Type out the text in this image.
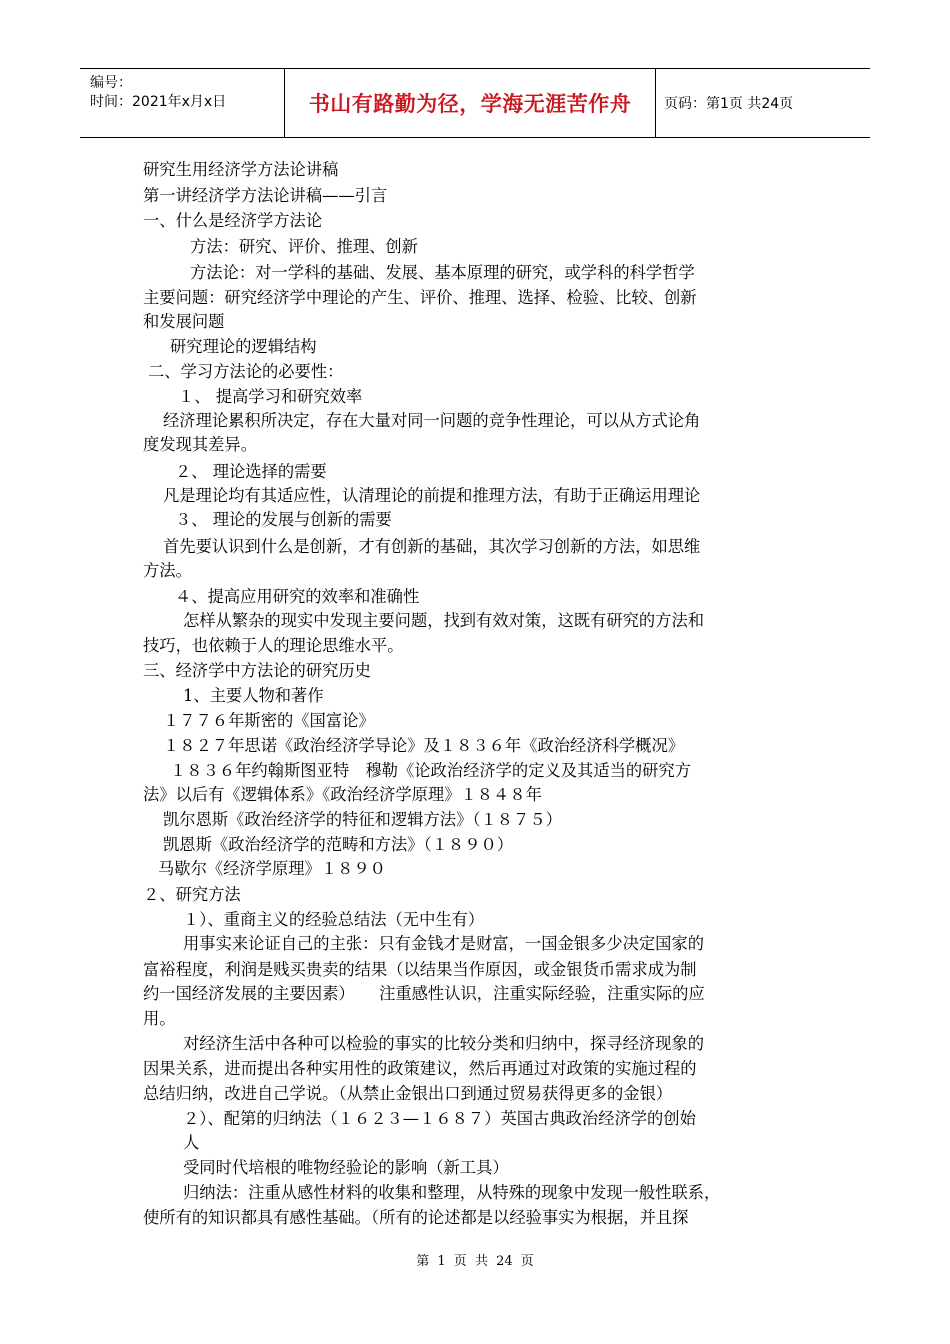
编号：
时间：2021年x月x日	书山有路勤为径，学海无涯苦作舟	页码：第1页 共24页
研究生用经济学方法论讲稿
第一讲经济学方法论讲稿——引言
一、什么是经济学方法论
方法：研究、评价、推理、创新
方法论：对一学科的基础、发展、基本原理的研究，或学科的科学哲学
主要问题：研究经济学中理论的产生、评价、推理、选择、检验、比较、创新
和发展问题
研究理论的逻辑结构
二、学习方法论的必要性：
１、 提高学习和研究效率
经济理论累积所决定，存在大量对同一问题的竞争性理论，可以从方式论角
度发现其差异。
２、 理论选择的需要
凡是理论均有其适应性，认清理论的前提和推理方法，有助于正确运用理论
３、 理论的发展与创新的需要
首先要认识到什么是创新，才有创新的基础，其次学习创新的方法，如思维
方法。
４、提高应用研究的效率和准确性
怎样从繁杂的现实中发现主要问题，找到有效对策，这既有研究的方法和
技巧，也依赖于人的理论思维水平。
三、经济学中方法论的研究历史
1、主要人物和著作
１７７６年斯密的《国富论》
１８２７年思诺《政治经济学导论》及１８３６年《政治经济科学概况》
１８３６年约翰斯图亚特　穆勒《论政治经济学的定义及其适当的研究方
法》以后有《逻辑体系》《政治经济学原理》１８４８年
凯尔恩斯《政治经济学的特征和逻辑方法》（１８７５）
凯恩斯《政治经济学的范畴和方法》（１８９０）
马歇尔《经济学原理》１８９０
２、研究方法
１）、重商主义的经验总结法（无中生有）
用事实来论证自己的主张：只有金钱才是财富，一国金银多少决定国家的
富裕程度，利润是贱买贵卖的结果（以结果当作原因，或金银货币需求成为制
约一国经济发展的主要因素）　　注重感性认识，注重实际经验，注重实际的应
用。
对经济生活中各种可以检验的事实的比较分类和归纳中，探寻经济现象的
因果关系，进而提出各种实用性的政策建议，然后再通过对政策的实施过程的
总结归纳，改进自己学说。（从禁止金银出口到通过贸易获得更多的金银）
２）、配第的归纳法（１６２３—１６８７）英国古典政治经济学的创始
人
受同时代培根的唯物经验论的影响（新工具）
归纳法：注重从感性材料的收集和整理，从特殊的现象中发现一般性联系，
使所有的知识都具有感性基础。（所有的论述都是以经验事实为根据，并且探
第 1 页 共 24 页
